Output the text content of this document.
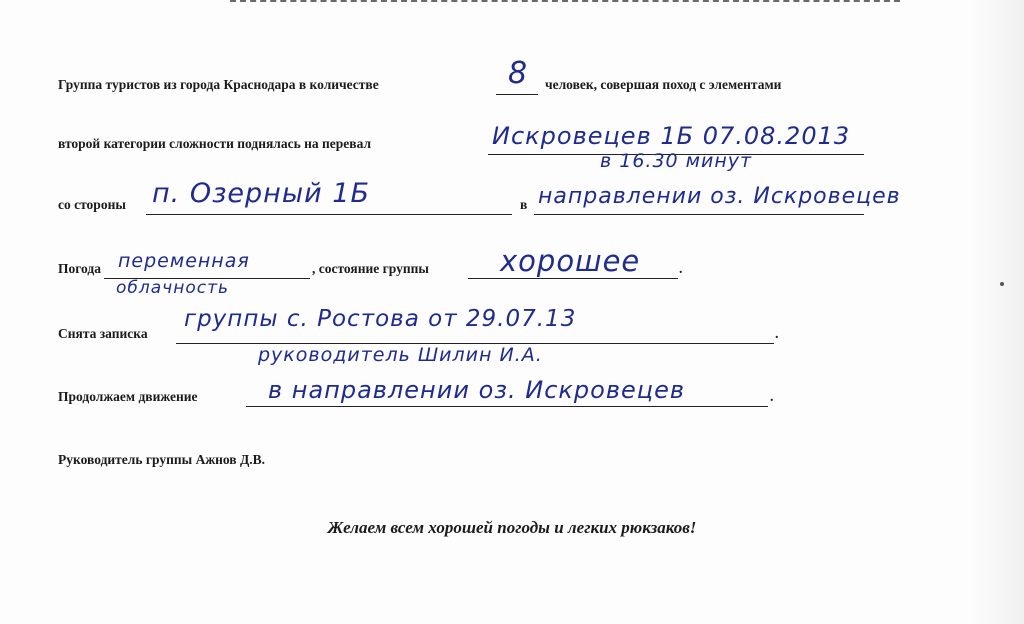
Группа туристов из города Краснодара в количестве	8 человек, совершая поход с элементами
второй категории сложности поднялась на перевал	Искровецев 1Б 07.08.2013
в 16.30 минут
со стороны п. Озерный 1Б	в направлении оз. Искровецев
Погода переменная
облачность
, состояние группы хорошее	.
Снята записка
группы с. Ростова от 29.07.13
.
руководитель Шилин И.А.
Продолжаем движение	в направлении оз. Искровецев	.
Руководитель группы Ажнов Д.В.
Желаем всем хорошей погоды и легких рюкзаков!
